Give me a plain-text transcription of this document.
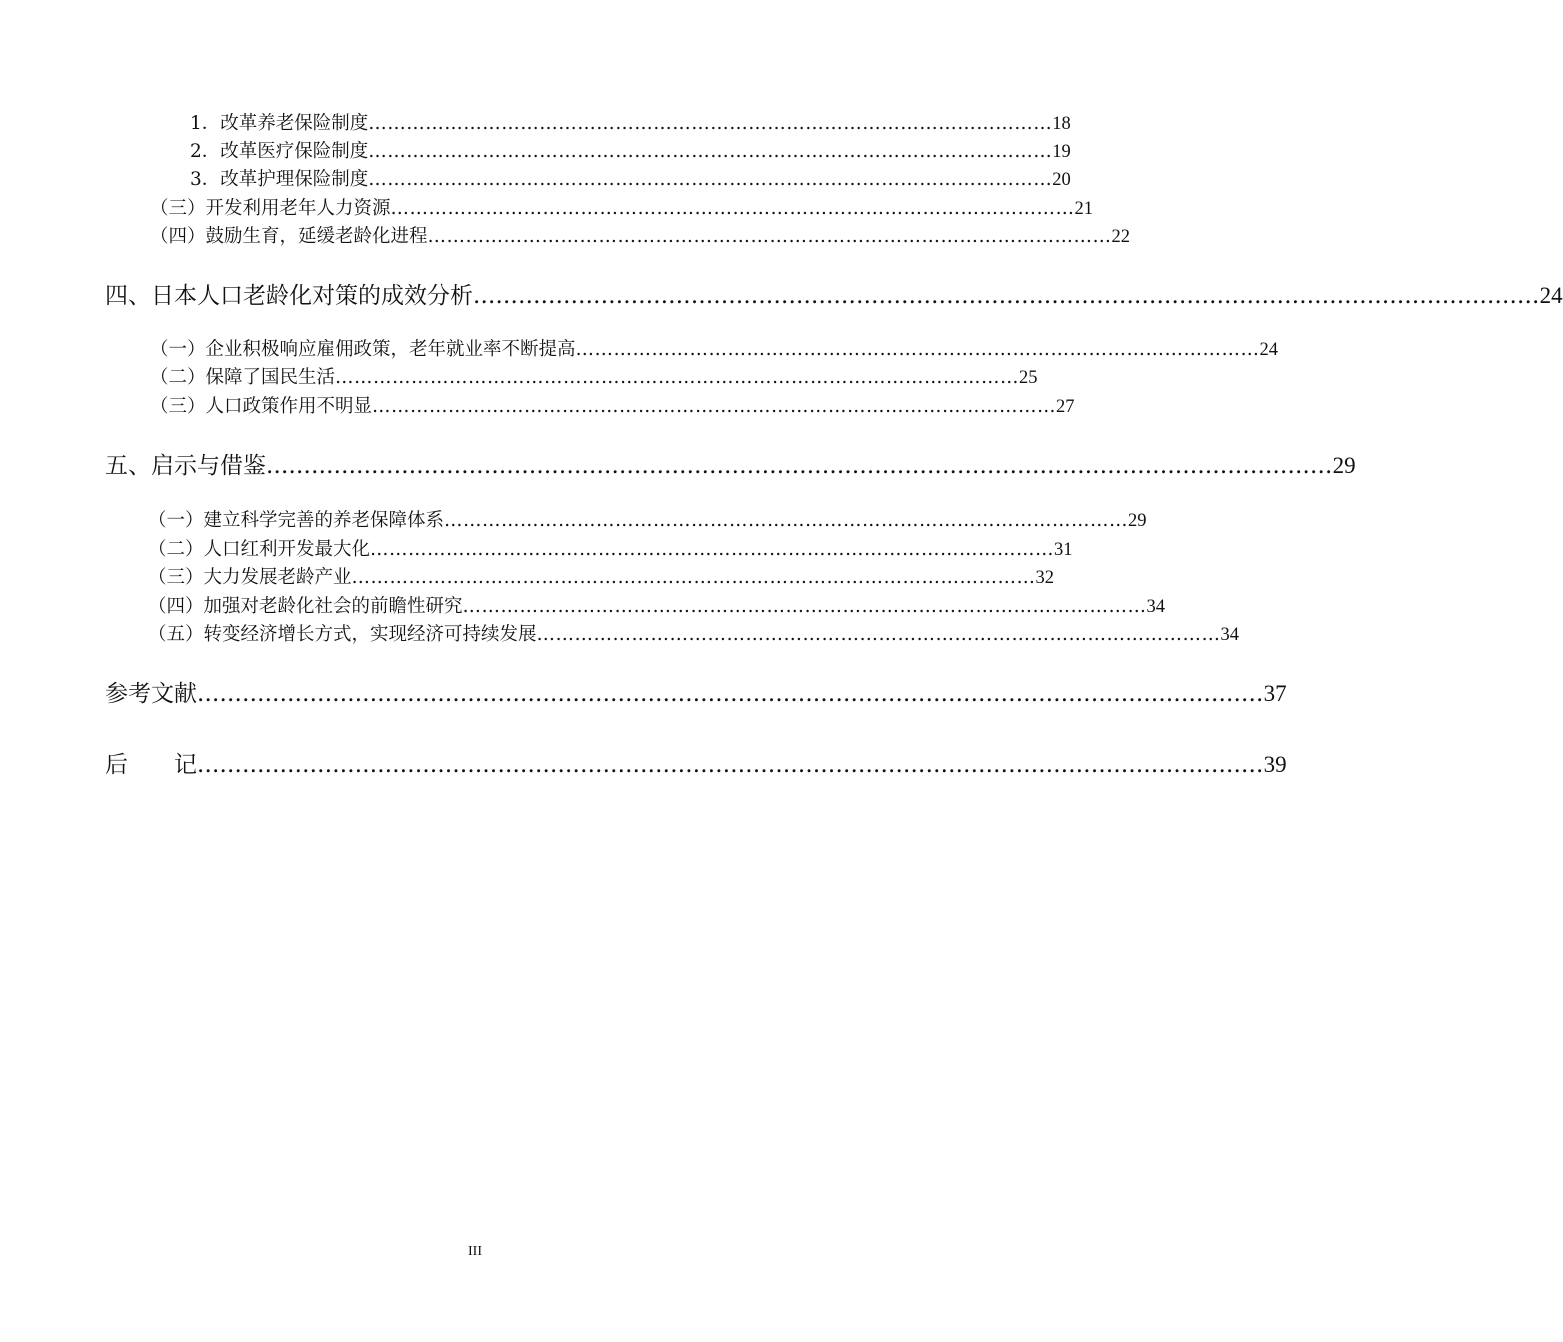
1．改革养老保险制度 ……………………………………………………………………………………………… 18
2．改革医疗保险制度 ……………………………………………………………………………………………… 19
3．改革护理保险制度 ……………………………………………………………………………………………… 20
（三）开发利用老年人力资源 ……………………………………………………………………………………………… 21
（四）鼓励生育，延缓老龄化进程 ……………………………………………………………………………………………… 22
四、日本人口老龄化对策的成效分析 .............................................................................................................................................. 24
（一）企业积极响应雇佣政策，老年就业率不断提高 ……………………………………………………………………………………………… 24
（二）保障了国民生活 ……………………………………………………………………………………………… 25
（三）人口政策作用不明显 ……………………………………………………………………………………………… 27
五、启示与借鉴 .............................................................................................................................................. 29
（一）建立科学完善的养老保障体系 ……………………………………………………………………………………………… 29
（二）人口红利开发最大化 ……………………………………………………………………………………………… 31
（三）大力发展老龄产业 ……………………………………………………………………………………………… 32
（四）加强对老龄化社会的前瞻性研究 ……………………………………………………………………………………………… 34
（五）转变经济增长方式，实现经济可持续发展 ……………………………………………………………………………………………… 34
参考文献 .............................................................................................................................................. 37
后　　记 .............................................................................................................................................. 39
III
